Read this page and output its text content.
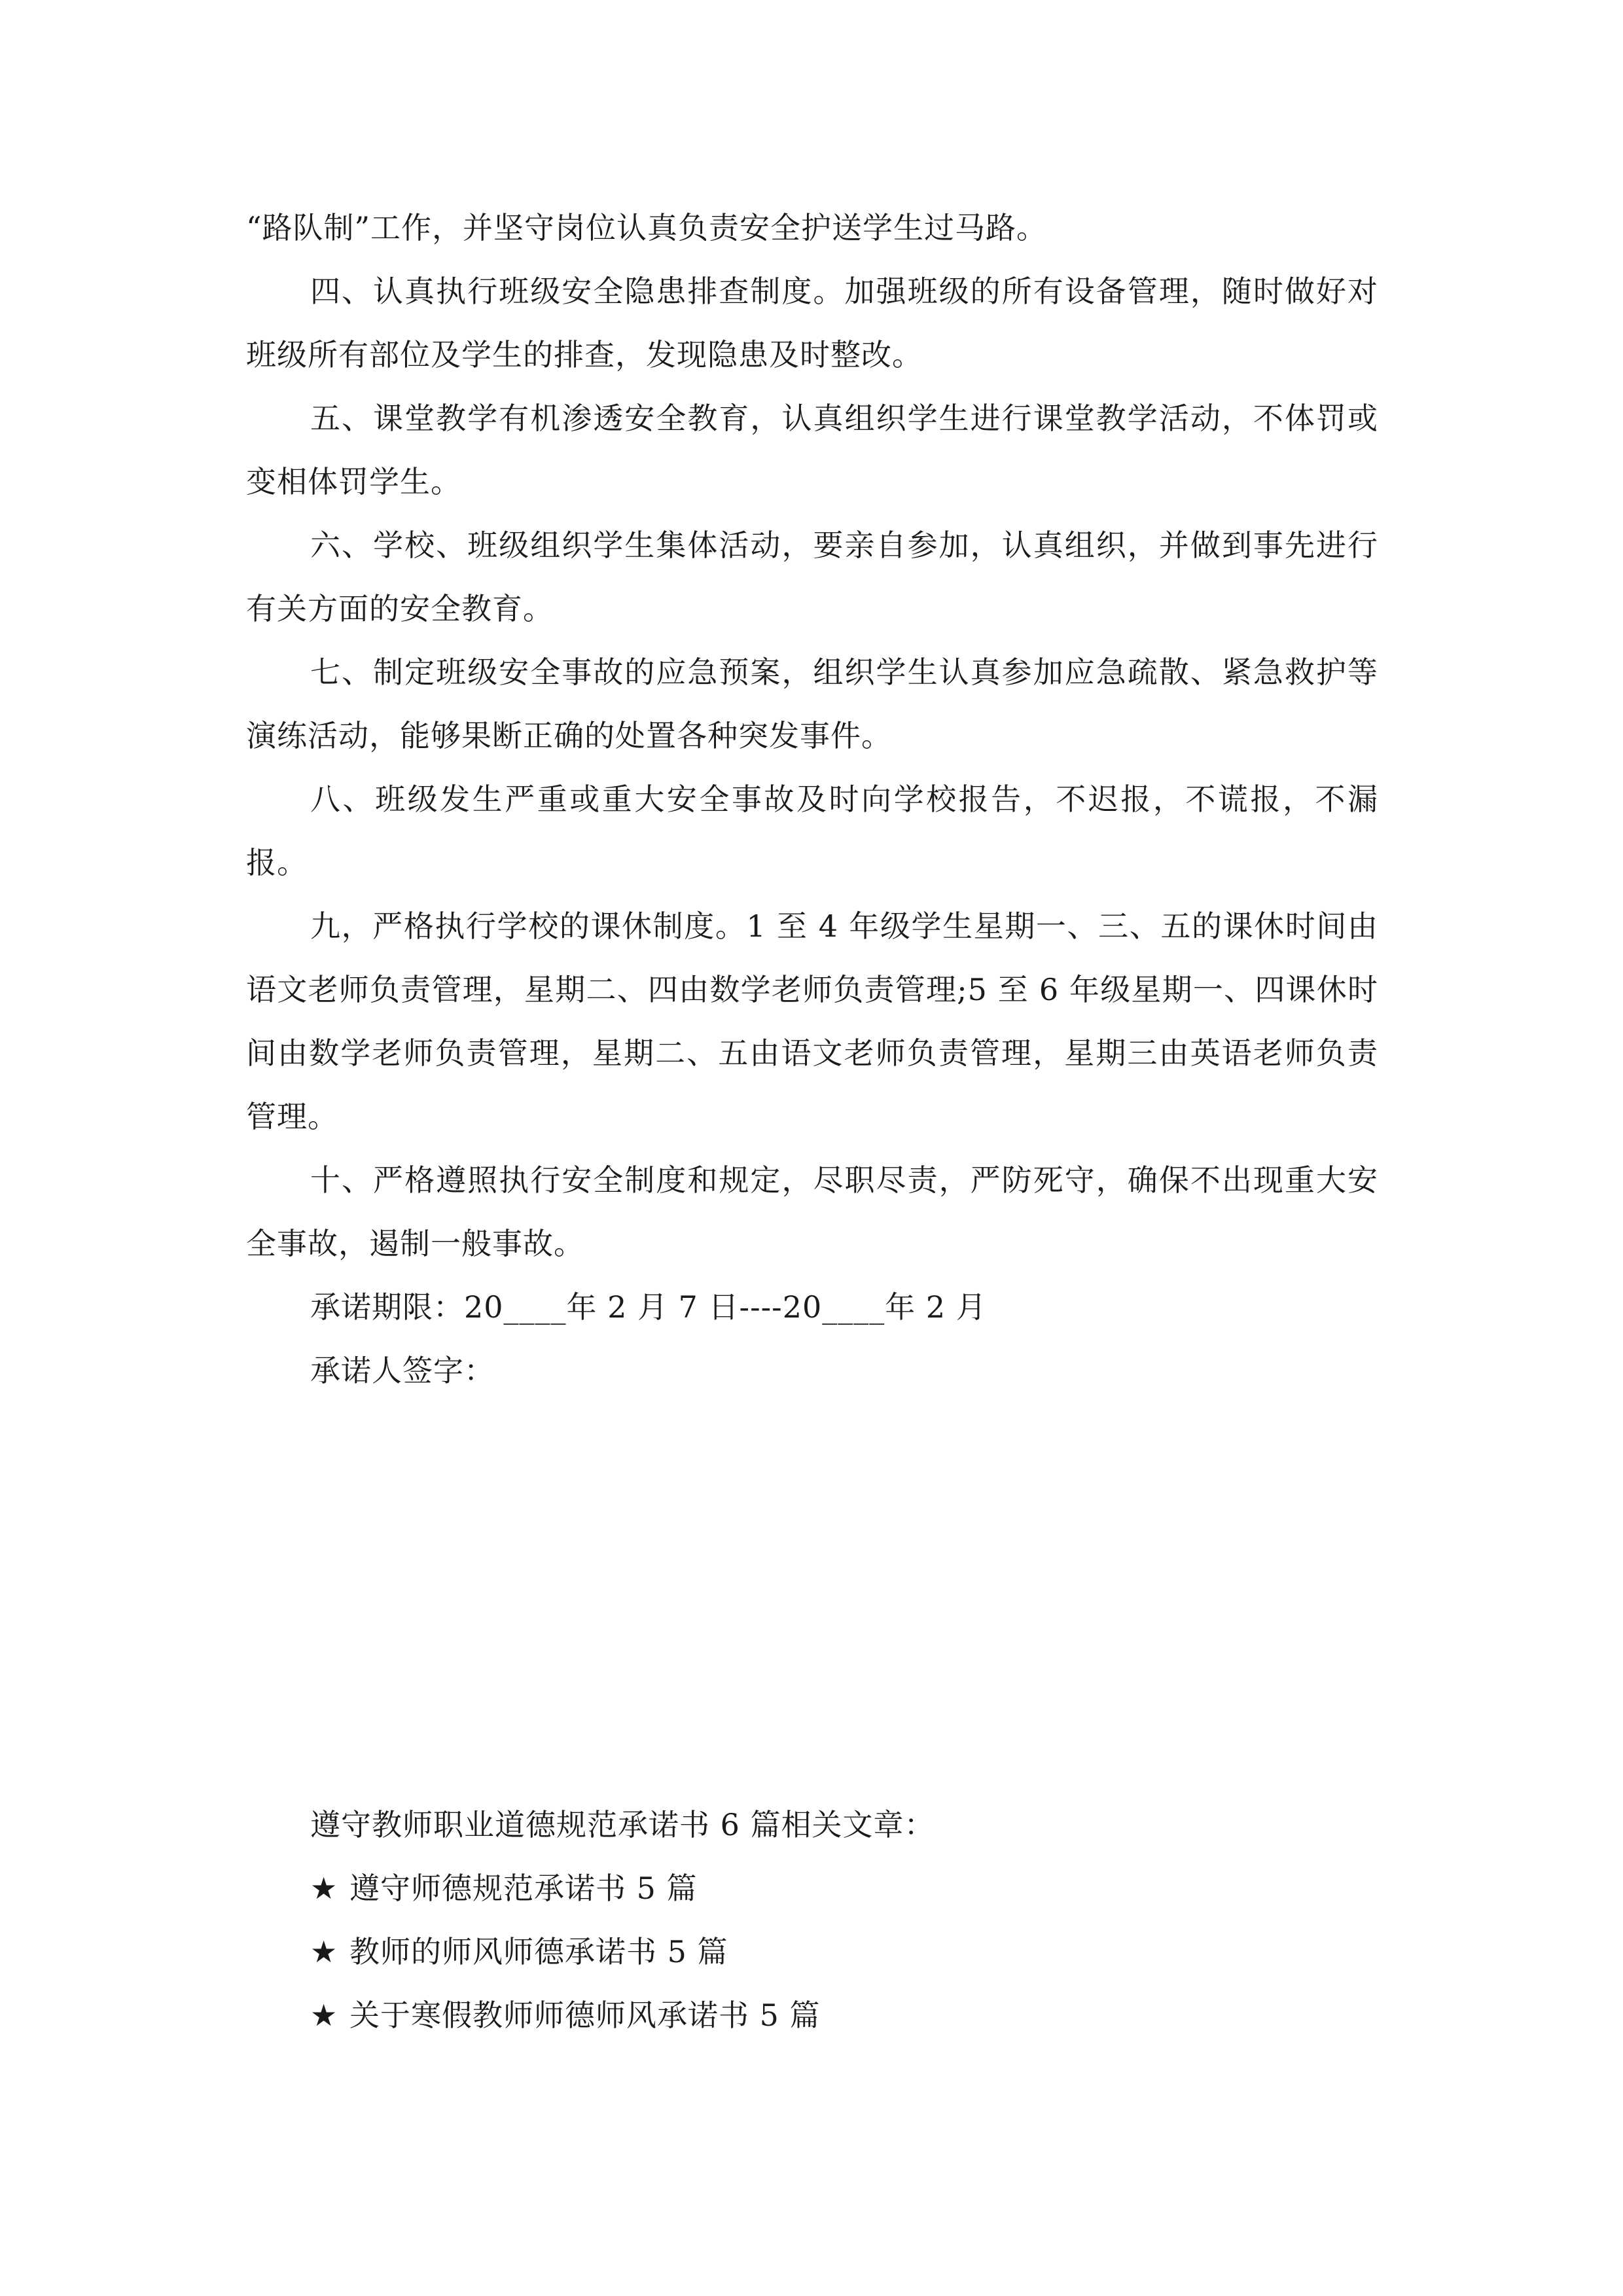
“路队制”工作，并坚守岗位认真负责安全护送学生过马路。

四、认真执行班级安全隐患排查制度。加强班级的所有设备管理，随时做好对班级所有部位及学生的排查，发现隐患及时整改。

五、课堂教学有机渗透安全教育，认真组织学生进行课堂教学活动，不体罚或变相体罚学生。

六、学校、班级组织学生集体活动，要亲自参加，认真组织，并做到事先进行有关方面的安全教育。

七、制定班级安全事故的应急预案，组织学生认真参加应急疏散、紧急救护等演练活动，能够果断正确的处置各种突发事件。

八、班级发生严重或重大安全事故及时向学校报告，不迟报，不谎报，不漏报。

九，严格执行学校的课休制度。1 至 4 年级学生星期一、三、五的课休时间由语文老师负责管理，星期二、四由数学老师负责管理;5 至 6 年级星期一、四课休时间由数学老师负责管理，星期二、五由语文老师负责管理，星期三由英语老师负责管理。

十、严格遵照执行安全制度和规定，尽职尽责，严防死守，确保不出现重大安全事故，遏制一般事故。

承诺期限：20____年 2 月 7 日----20____年 2 月

承诺人签字：

遵守教师职业道德规范承诺书 6 篇相关文章：

★ 遵守师德规范承诺书 5 篇

★ 教师的师风师德承诺书 5 篇

★ 关于寒假教师师德师风承诺书 5 篇
